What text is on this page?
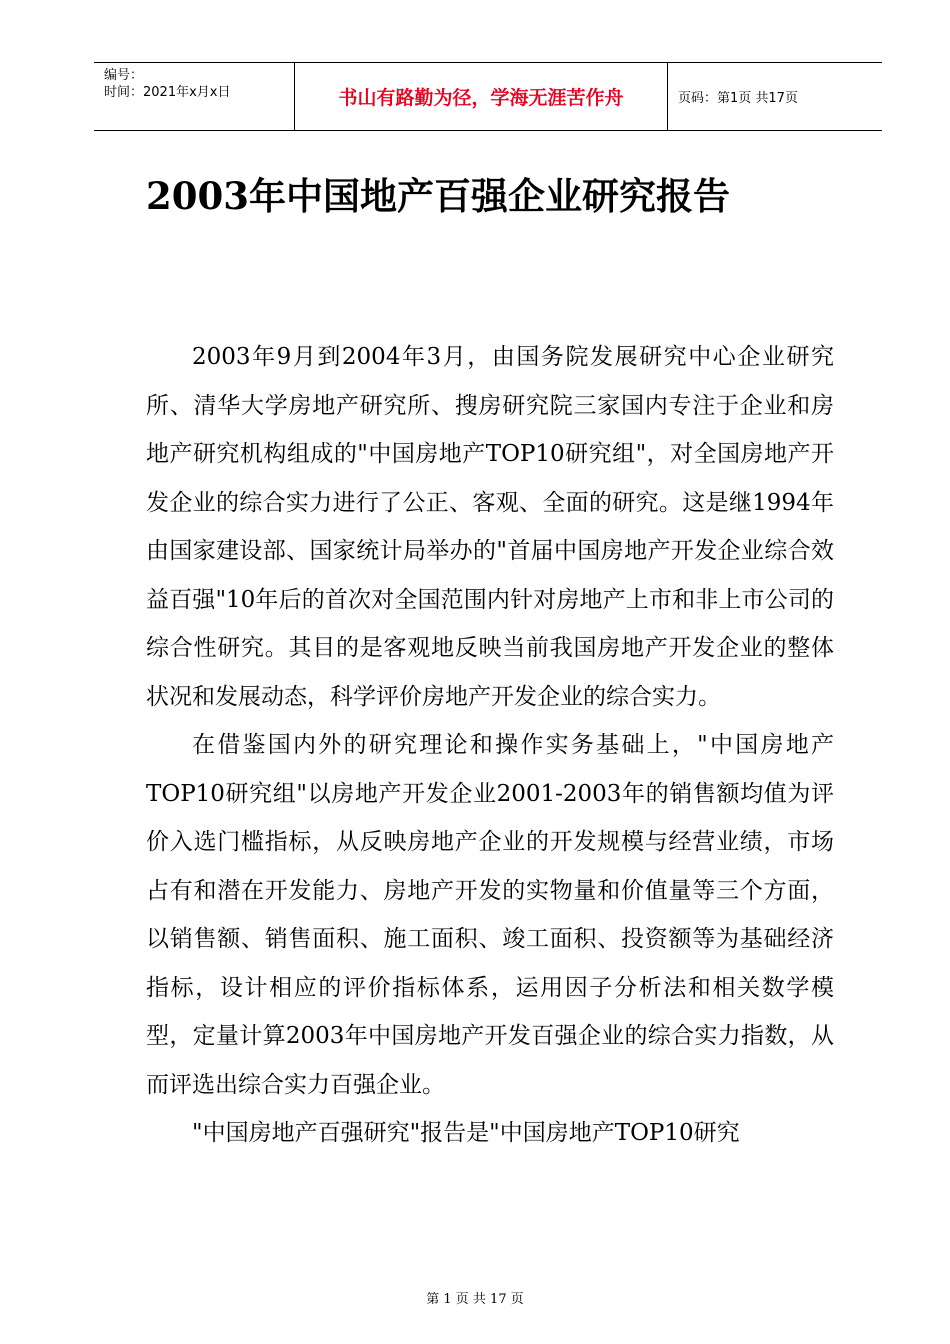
编号：
时间：2021年x月x日	书山有路勤为径，学海无涯苦作舟	页码：第1页 共17页
2003年中国地产百强企业研究报告

2003年9月到2004年3月，由国务院发展研究中心企业研究所、清华大学房地产研究所、搜房研究院三家国内专注于企业和房地产研究机构组成的"中国房地产TOP10研究组"，对全国房地产开发企业的综合实力进行了公正、客观、全面的研究。这是继1994年由国家建设部、国家统计局举办的"首届中国房地产开发企业综合效益百强"10年后的首次对全国范围内针对房地产上市和非上市公司的综合性研究。其目的是客观地反映当前我国房地产开发企业的整体状况和发展动态，科学评价房地产开发企业的综合实力。

在借鉴国内外的研究理论和操作实务基础上，"中国房地产TOP10研究组"以房地产开发企业2001-2003年的销售额均值为评价入选门槛指标，从反映房地产企业的开发规模与经营业绩，市场占有和潜在开发能力、房地产开发的实物量和价值量等三个方面，以销售额、销售面积、施工面积、竣工面积、投资额等为基础经济指标，设计相应的评价指标体系，运用因子分析法和相关数学模型，定量计算2003年中国房地产开发百强企业的综合实力指数，从而评选出综合实力百强企业。

"中国房地产百强研究"报告是"中国房地产TOP10研究

第 1 页 共 17 页
